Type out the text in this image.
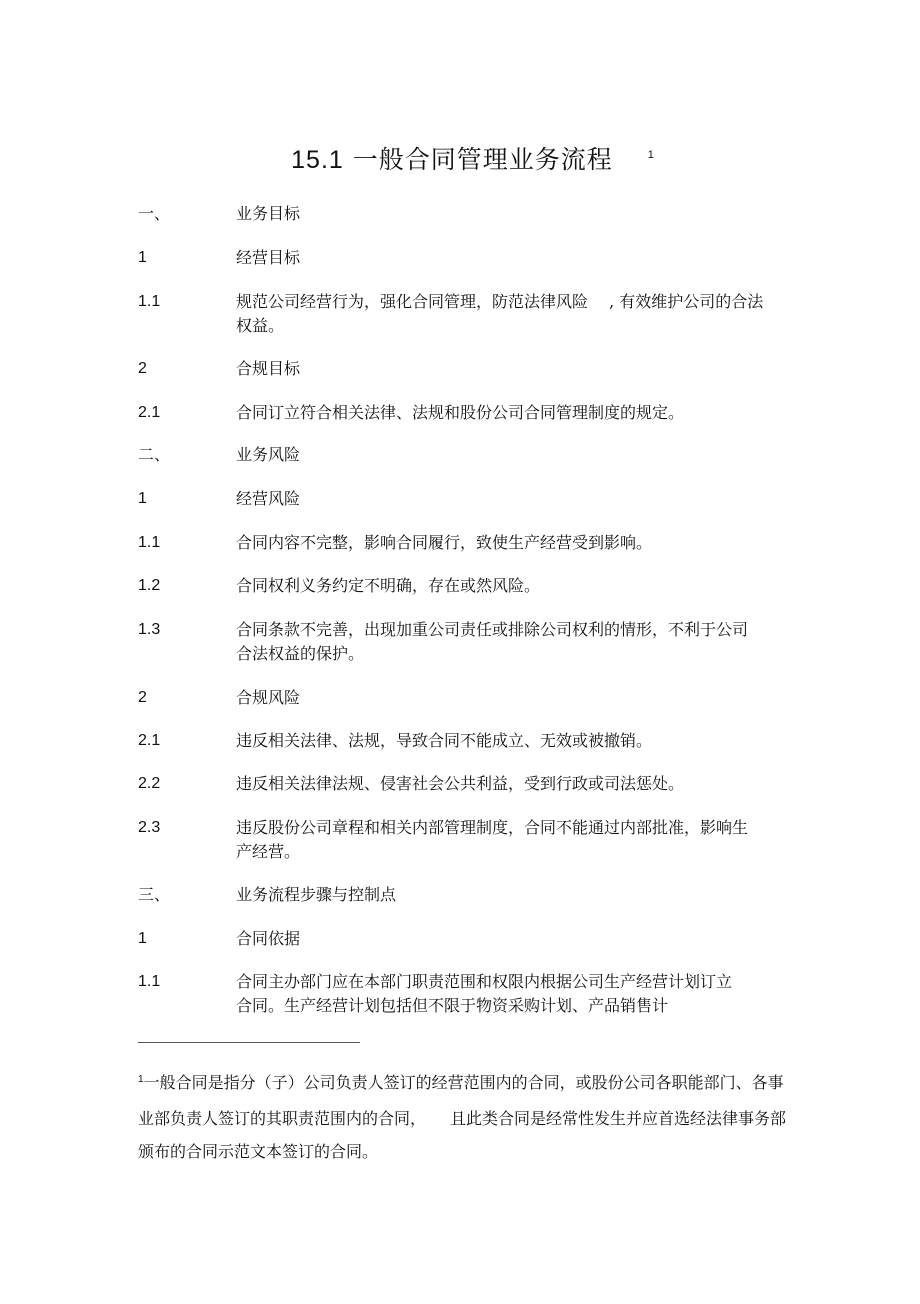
15.1 一般合同管理业务流程	$^1$
一、	业务目标
1	经营目标
1.1	规范公司经营行为，强化合同管理，防范法律风险　 , 有效维护公司的合法权益。
2	合规目标
2.1	合同订立符合相关法律、法规和股份公司合同管理制度的规定。
二、	业务风险
1	经营风险
1.1	合同内容不完整，影响合同履行，致使生产经营受到影响。
1.2	合同权利义务约定不明确，存在或然风险。
1.3	合同条款不完善，出现加重公司责任或排除公司权利的情形，不利于公司合法权益的保护。
2	合规风险
2.1	违反相关法律、法规，导致合同不能成立、无效或被撤销。
2.2	违反相关法律法规、侵害社会公共利益，受到行政或司法惩处。
2.3	违反股份公司章程和相关内部管理制度，合同不能通过内部批准，影响生产经营。
三、	业务流程步骤与控制点
1	合同依据
1.1	合同主办部门应在本部门职责范围和权限内根据公司生产经营计划订立合同。生产经营计划包括但不限于物资采购计划、产品销售计
$^1$一般合同是指分（子）公司负责人签订的经营范围内的合同，或股份公司各职能部门、各事业部负责人签订的其职责范围内的合同，　　且此类合同是经常性发生并应首选经法律事务部颁布的合同示范文本签订的合同。
